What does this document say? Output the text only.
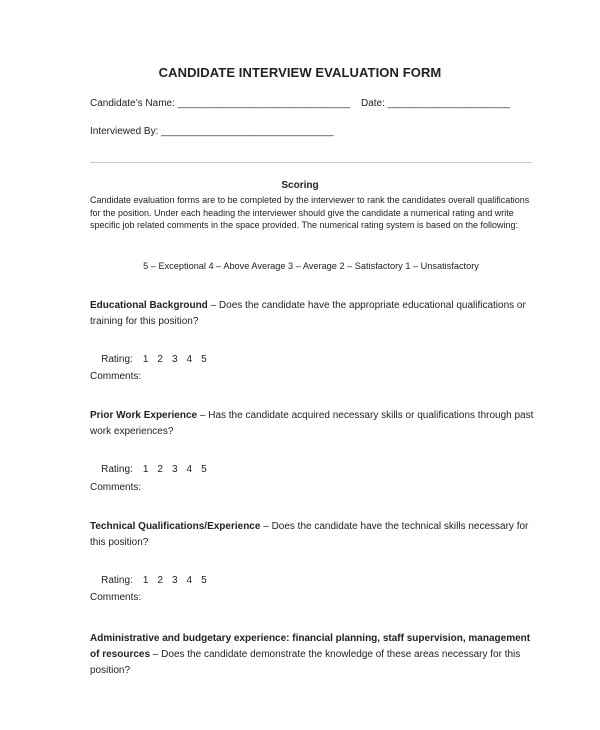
CANDIDATE INTERVIEW EVALUATION FORM
Candidate’s Name: _______________________________ Date: ______________________
Interviewed By: _______________________________
Scoring
Candidate evaluation forms are to be completed by the interviewer to rank the candidates overall qualifications for the position. Under each heading the interviewer should give the candidate a numerical rating and write specific job related comments in the space provided. The numerical rating system is based on the following:
5 – Exceptional 4 – Above Average 3 – Average 2 – Satisfactory 1 – Unsatisfactory
Educational Background – Does the candidate have the appropriate educational qualifications or training for this position?

Rating: 1 2 3 4 5

Comments:
Prior Work Experience – Has the candidate acquired necessary skills or qualifications through past work experiences?

Rating: 1 2 3 4 5

Comments:
Technical Qualifications/Experience – Does the candidate have the technical skills necessary for this position?

Rating: 1 2 3 4 5

Comments:
Administrative and budgetary experience: financial planning, staff supervision, management of resources – Does the candidate demonstrate the knowledge of these areas necessary for this position?
